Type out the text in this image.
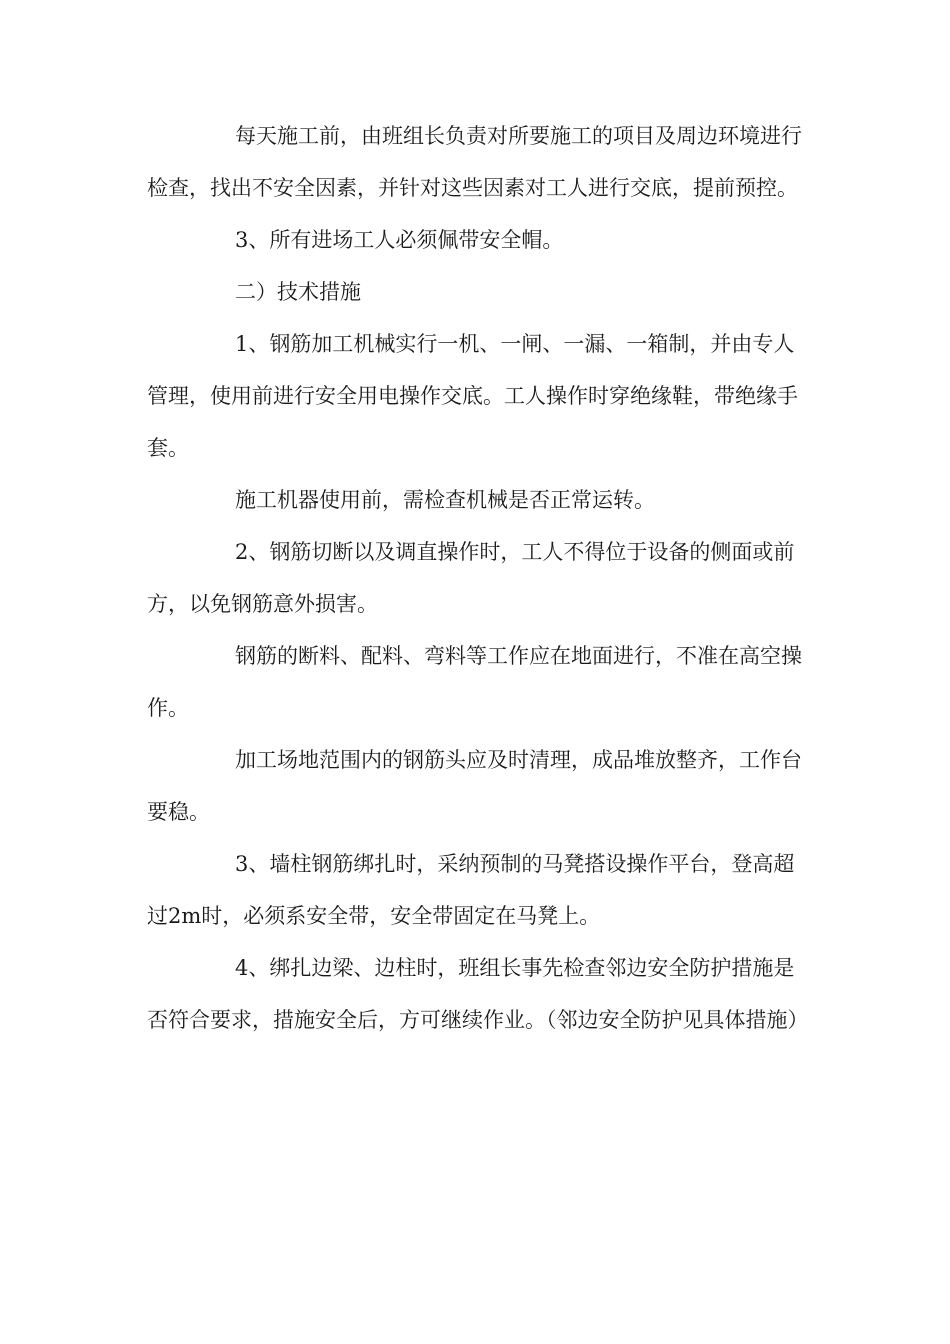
每天施工前，由班组长负责对所要施工的项目及周边环境进行检查，找出不安全因素，并针对这些因素对工人进行交底，提前预控。

3、所有进场工人必须佩带安全帽。

二）技术措施

1、钢筋加工机械实行一机、一闸、一漏、一箱制，并由专人管理，使用前进行安全用电操作交底。工人操作时穿绝缘鞋，带绝缘手套。

施工机器使用前，需检查机械是否正常运转。

2、钢筋切断以及调直操作时，工人不得位于设备的侧面或前方，以免钢筋意外损害。

钢筋的断料、配料、弯料等工作应在地面进行，不准在高空操作。

加工场地范围内的钢筋头应及时清理，成品堆放整齐，工作台要稳。

3、墙柱钢筋绑扎时，采纳预制的马凳搭设操作平台，登高超过2m时，必须系安全带，安全带固定在马凳上。

4、绑扎边梁、边柱时，班组长事先检查邻边安全防护措施是否符合要求，措施安全后，方可继续作业。（邻边安全防护见具体措施）
